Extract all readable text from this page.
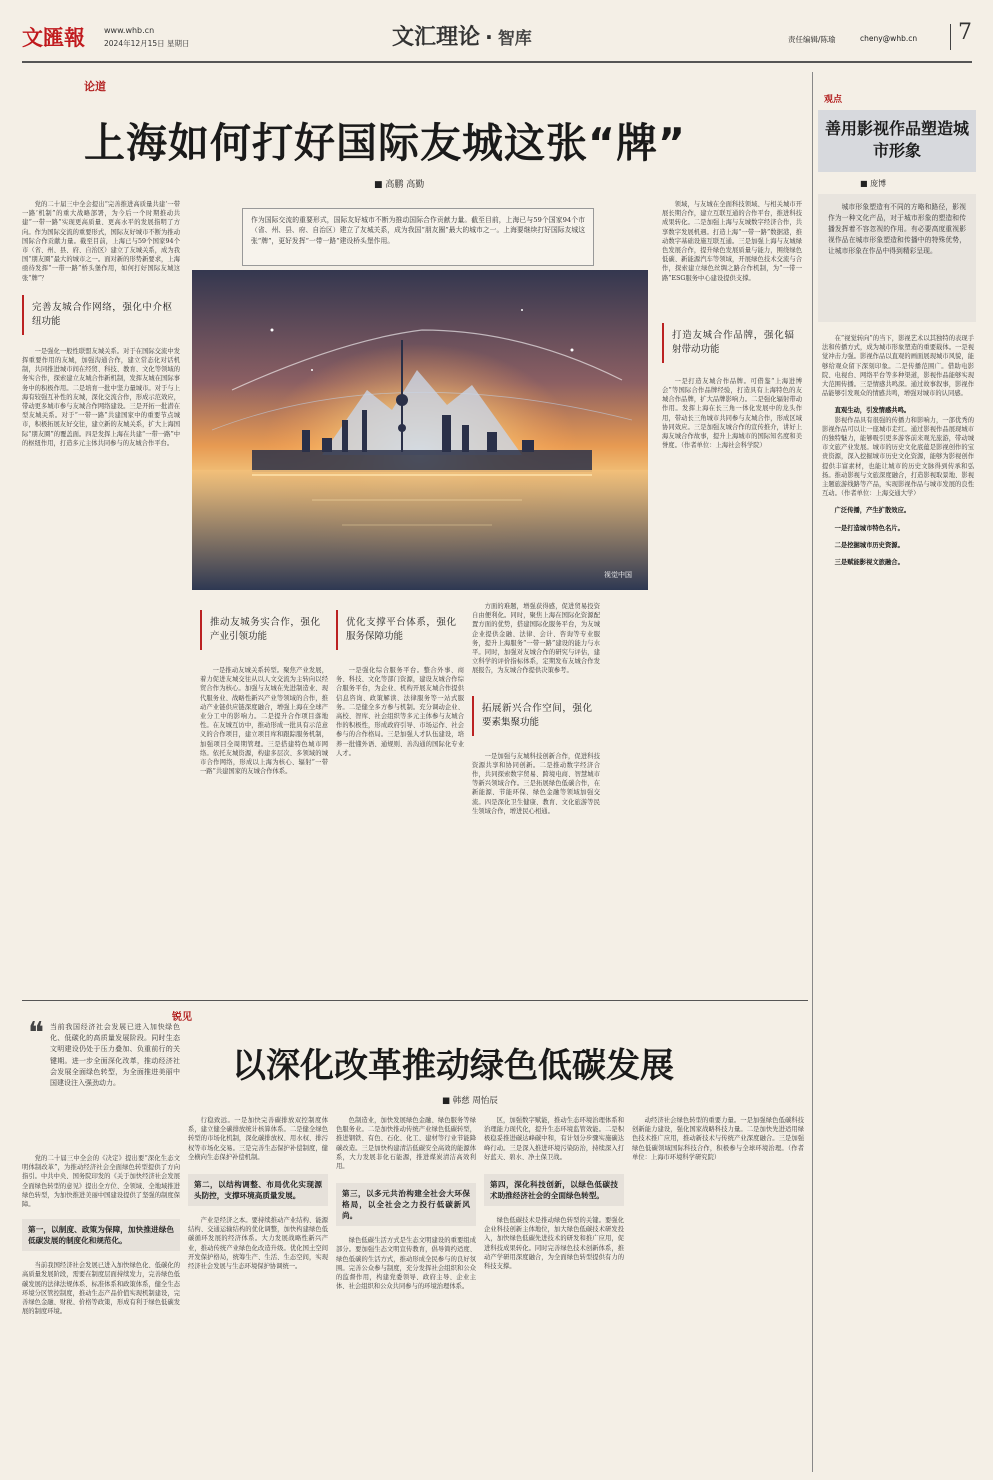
文匯報 www.whb.cn
2024年12月15日 星期日	文汇理论 · 智库	责任编辑/陈瑜	cheny@whb.cn 7
论道
上海如何打好国际友城这张“牌”
■ 高鹏 高勤

党的二十届三中全会提出“完善推进高质量共建‘一带一路’机制”的重大战略部署，为今后一个时期推动共建“一带一路”实现更高质量、更高水平的发展指明了方向。作为国际交流的重要形式，国际友好城市不断为推动国际合作贡献力量。截至目前，上海已与59个国家94个市（省、州、县、府、自治区）建立了友城关系，成为我国“朋友圈”最大的城市之一。面对新的形势新要求，上海亟待发挥“一带一路”桥头堡作用，如何打好国际友城这张“牌”？

完善友城合作网络，强化中介枢纽功能

一是强化一般性联盟友城关系。对于在国际交流中发挥重要作用的友城，加强沟通合作，建立常态化对话机制，共同推进城市间在经贸、科技、教育、文化等领域的务实合作，探索建立友城合作新机制，发挥友城在国际事务中的积极作用。二是培育一批中坚力量城市。对于与上海有较强互补性的友城，深化交流合作，形成示范效应，带动更多城市参与友城合作网络建设。三是开拓一批潜在型友城关系。对于“一带一路”共建国家中的重要节点城市，积极拓展友好交往，建立新的友城关系，扩大上海国际“朋友圈”的覆盖面。四是发挥上海在共建“一带一路”中的枢纽作用，打造多元主体共同参与的友城合作平台。

作为国际交流的重要形式，国际友好城市不断为推动国际合作贡献力量。截至目前，上海已与59个国家94个市（省、州、县、府、自治区）建立了友城关系，成为我国“朋友圈”最大的城市之一。上海要继续打好国际友城这张“牌”，更好发挥“一带一路”建设桥头堡作用。
视觉中国
推动友城务实合作，强化产业引领功能

一是推动友城关系转型。聚焦产业发展，着力促进友城交往从以人文交流为主转向以经贸合作为核心。加强与友城在先进制造业、现代服务业、战略性新兴产业等领域的合作，推动产业链供应链深度融合，增强上海在全球产业分工中的影响力。二是提升合作项目落地性。在友城互访中，推动形成一批具有示范意义的合作项目，建立项目库和跟踪服务机制，加强项目全周期管理。三是搭建特色城市网络。依托友城资源，构建多层次、多领域的城市合作网络，形成以上海为核心、辐射“一带一路”共建国家的友城合作体系。

优化支撑平台体系，强化服务保障功能

一是强化综合服务平台。整合外事、商务、科技、文化等部门资源，建设友城合作综合服务平台，为企业、机构开展友城合作提供信息咨询、政策解读、法律服务等一站式服务。二是健全多方参与机制。充分调动企业、高校、智库、社会组织等多元主体参与友城合作的积极性，形成政府引导、市场运作、社会参与的合作格局。三是加强人才队伍建设，培养一批懂外语、通规则、善沟通的国际化专业人才。

方面的难题，增强获得感，促进贸易投资自由便利化。同时，聚焦上海在国际化资源配置方面的优势，搭建国际化服务平台，为友城企业提供金融、法律、会计、咨询等专业服务，提升上海服务“一带一路”建设的能力与水平。同时，加强对友城合作的研究与评估，建立科学的评价指标体系，定期发布友城合作发展报告，为友城合作提供决策参考。

拓展新兴合作空间，强化要素集聚功能

一是加强与友城科技创新合作，促进科技资源共享和协同创新。二是推动数字经济合作，共同探索数字贸易、跨境电商、智慧城市等新兴领域合作。三是拓展绿色低碳合作，在新能源、节能环保、绿色金融等领域加强交流。四是深化卫生健康、教育、文化旅游等民生领域合作，增进民心相通。

领域，与友城在全面科技领域、与相关城市开展长期合作，建立互联互通的合作平台，推进科技成果转化。二是加强上海与友城数字经济合作，共享数字发展机遇。打造上海“一带一路”数据港，推动数字基础设施互联互通。三是加强上海与友城绿色发展合作，提升绿色发展质量与能力，围绕绿色低碳、新能源汽车等领域，开展绿色技术交流与合作，探索建立绿色丝绸之路合作机制，为“一带一路”ESG服务中心建设提供支撑。

打造友城合作品牌，强化辐射带动功能

一是打造友城合作品牌。可借鉴“上海进博会”等国际合作品牌经验，打造具有上海特色的友城合作品牌，扩大品牌影响力。二是强化辐射带动作用。发挥上海在长三角一体化发展中的龙头作用，带动长三角城市共同参与友城合作，形成区域协同效应。三是加强友城合作的宣传推介，讲好上海友城合作故事，提升上海城市的国际知名度和美誉度。（作者单位：上海社会科学院）

观点
善用影视作品塑造城市形象
■ 庞博
城市形象塑造有不同的方略和路径，影视作为一种文化产品，对于城市形象的塑造和传播发挥着不容忽视的作用。有必要高度重视影视作品在城市形象塑造和传播中的特殊优势，让城市形象在作品中得到精彩呈现。

在“视觉转向”的当下，影视艺术以其独特的表现手法和传播方式，成为城市形象塑造的重要载体。一是视觉冲击力强。影视作品以直观的画面展现城市风貌，能够给观众留下深刻印象。二是传播范围广。借助电影院、电视台、网络平台等多种渠道，影视作品能够实现大范围传播。三是情感共鸣深。通过故事叙事，影视作品能够引发观众的情感共鸣，增强对城市的认同感。

直观生动，引发情感共鸣。

影视作品具有很强的传播力和影响力，一部优秀的影视作品可以让一座城市走红。通过影视作品展现城市的独特魅力，能够吸引更多游客前来观光旅游，带动城市文旅产业发展。城市的历史文化底蕴是影视创作的宝贵资源，深入挖掘城市历史文化资源，能够为影视创作提供丰富素材，也能让城市的历史文脉得到传承和弘扬。推动影视与文旅深度融合，打造影视取景地、影视主题旅游线路等产品，实现影视作品与城市发展的良性互动。（作者单位：上海交通大学）

广泛传播，产生扩散效应。

一是打造城市特色名片。

二是挖掘城市历史资源。

三是赋能影视文旅融合。

锐见
以深化改革推动绿色低碳发展
■ 韩慈 周怡辰
❝ 当前我国经济社会发展已进入加快绿色化、低碳化的高质量发展阶段。同时生态文明建设仍处于压力叠加、负重前行的关键期。进一步全面深化改革，推动经济社会发展全面绿色转型，为全面推进美丽中国建设注入强劲动力。

党的二十届三中全会的《决定》提出要“深化生态文明体制改革”，为推动经济社会全面绿色转型提供了方向指引。中共中央、国务院印发的《关于加快经济社会发展全面绿色转型的意见》提出全方位、全领域、全地域推进绿色转型，为加快推进美丽中国建设提供了坚强的制度保障。

第一，以制度、政策为保障，加快推进绿色低碳发展的制度化和规范化。

当前我国经济社会发展已进入加快绿色化、低碳化的高质量发展阶段，需要在制度层面持续发力，完善绿色低碳发展的法律法规体系、标准体系和政策体系，健全生态环境分区管控制度，推动生态产品价值实现机制建设，完善绿色金融、财税、价格等政策，形成有利于绿色低碳发展的制度环境。

行稳致远。一是加快完善碳排放双控制度体系，建立健全碳排放统计核算体系。二是健全绿色转型的市场化机制，深化碳排放权、用水权、排污权等市场化交易。三是完善生态保护补偿制度，健全横向生态保护补偿机制。

第二，以结构调整、布局优化实现源头防控，支撑环境高质量发展。

产业是经济之本。要持续推动产业结构、能源结构、交通运输结构的优化调整，加快构建绿色低碳循环发展的经济体系。大力发展战略性新兴产业，推动传统产业绿色化改造升级。优化国土空间开发保护格局，统筹生产、生活、生态空间，实现经济社会发展与生态环境保护协调统一。

色制造业，加快发展绿色金融、绿色服务等绿色服务业。二是加快推动传统产业绿色低碳转型，推进钢铁、有色、石化、化工、建材等行业节能降碳改造。三是加快构建清洁低碳安全高效的能源体系，大力发展非化石能源，推进煤炭清洁高效利用。

第三，以多元共治构建全社会大环保格局，以全社会之力投行低碳新风尚。

绿色低碳生活方式是生态文明建设的重要组成部分。要加强生态文明宣传教育，倡导简约适度、绿色低碳的生活方式，推动形成全民参与的良好氛围。完善公众参与制度，充分发挥社会组织和公众的监督作用，构建党委领导、政府主导、企业主体、社会组织和公众共同参与的环境治理体系。

区，加强数字赋能，推动生态环境治理体系和治理能力现代化，提升生态环境监管效能。二是积极稳妥推进碳达峰碳中和，有计划分步骤实施碳达峰行动。三是深入推进环境污染防治，持续深入打好蓝天、碧水、净土保卫战。

第四，深化科技创新，以绿色低碳技术助推经济社会的全面绿色转型。

绿色低碳技术是推动绿色转型的关键。要强化企业科技创新主体地位，加大绿色低碳技术研发投入，加快绿色低碳先进技术的研发和推广应用，促进科技成果转化。同时完善绿色技术创新体系，推动产学研用深度融合，为全面绿色转型提供有力的科技支撑。

动经济社会绿色转型的重要力量。一是加强绿色低碳科技创新能力建设，强化国家战略科技力量。二是加快先进适用绿色技术推广应用，推动新技术与传统产业深度融合。三是加强绿色低碳领域国际科技合作，积极参与全球环境治理。（作者单位：上海市环境科学研究院）
